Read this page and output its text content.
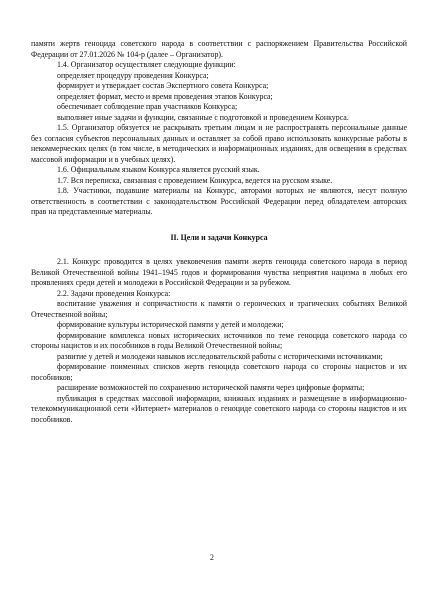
памяти жертв геноцида советского народа в соответствии с распоряжением Правительства Российской Федерации от 27.01.2026 № 104-р (далее – Организатор).

1.4. Организатор осуществляет следующие функции:

определяет процедуру проведения Конкурса;

формирует и утверждает состав Экспертного совета Конкурса;

определяет формат, место и время проведения этапов Конкурса;

обеспечивает соблюдение прав участников Конкурса;

выполняет иные задачи и функции, связанные с подготовкой и проведением Конкурса.

1.5. Организатор обязуется не раскрывать третьим лицам и не распространять персональные данные без согласия субъектов персональных данных и оставляет за собой право использовать конкурсные работы в некоммерческих целях (в том числе, в методических и информационных изданиях, для освещения в средствах массовой информации и в учебных целях).

1.6. Официальным языком Конкурса является русский язык.

1.7. Вся переписка, связанная с проведением Конкурса, ведется на русском языке.

1.8. Участники, подавшие материалы на Конкурс, авторами которых не являются, несут полную ответственность в соответствии с законодательством Российской Федерации перед обладателем авторских прав на представленные материалы.

II. Цели и задачи Конкурса

2.1. Конкурс проводится в целях увековечения памяти жертв геноцида советского народа в период Великой Отечественной войны 1941–1945 годов и формирования чувства неприятия нацизма в любых его проявлениях среди детей и молодежи в Российской Федерации и за рубежом.

2.2. Задачи проведения Конкурса:

воспитание уважения и сопричастности к памяти о героических и трагических событиях Великой Отечественной войны;

формирование культуры исторической памяти у детей и молодежи;

формирование комплекса новых исторических источников по теме геноцида советского народа со стороны нацистов и их пособников в годы Великой Отечественной войны;

развитие у детей и молодежи навыков исследовательской работы с историческими источниками;

формирование поименных списков жертв геноцида советского народа со стороны нацистов и их пособников;

расширение возможностей по сохранению исторической памяти через цифровые форматы;

публикация в средствах массовой информации, книжных изданиях и размещение в информационно-телекоммуникационной сети «Интернет» материалов о геноциде советского народа со стороны нацистов и их пособников.

2
